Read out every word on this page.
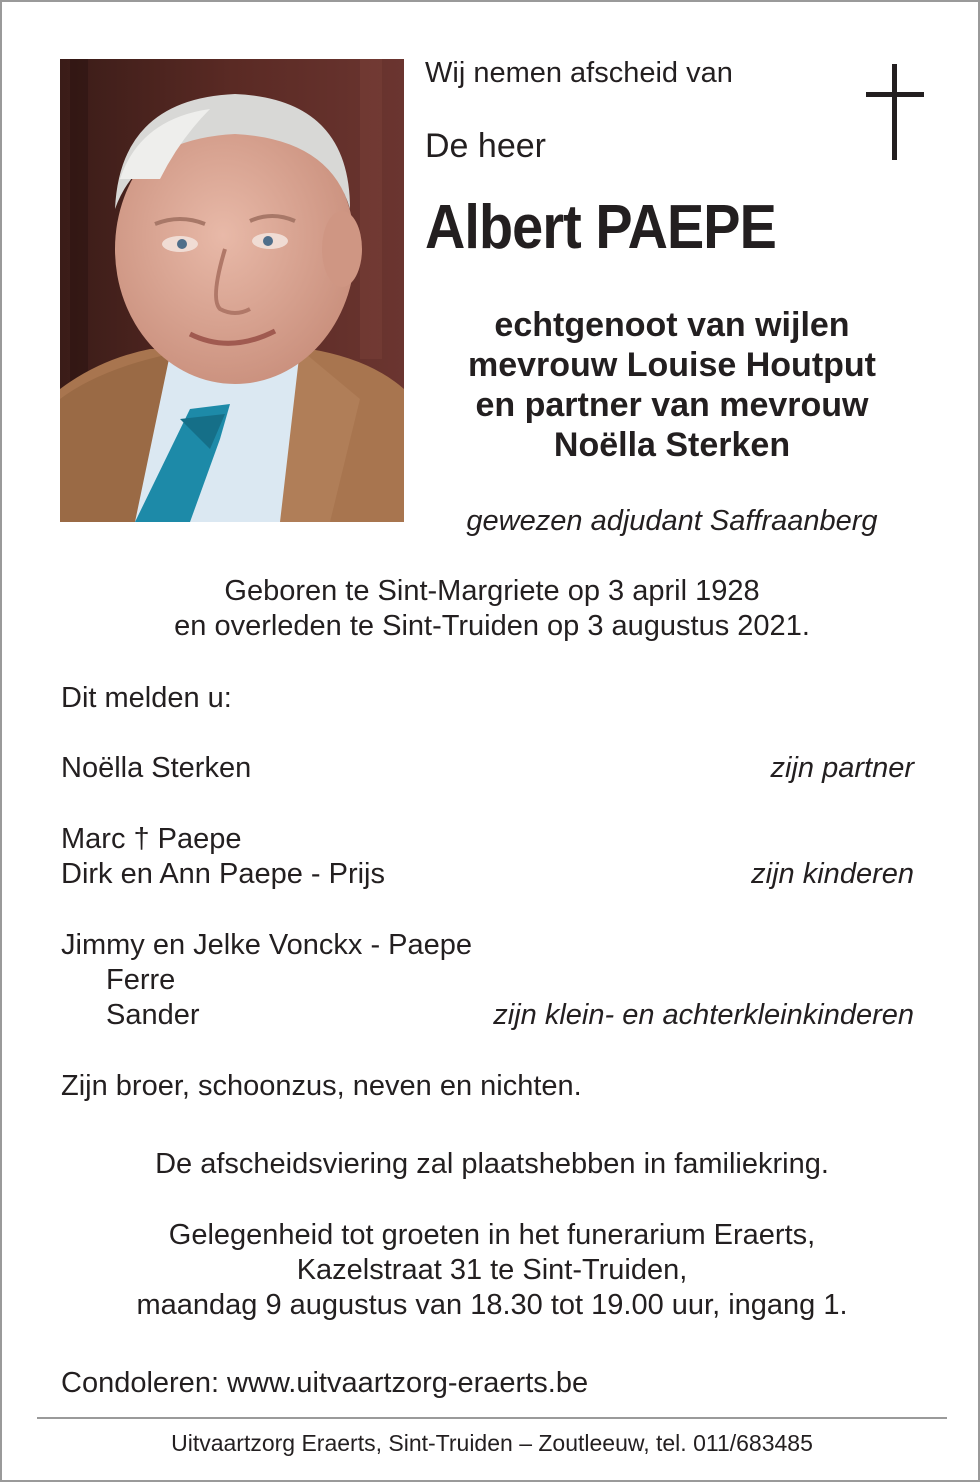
Wij nemen afscheid van
De heer
Albert PAEPE
echtgenoot van wijlen
mevrouw Louise Houtput
en partner van mevrouw
Noëlla Sterken
gewezen adjudant Saffraanberg
Geboren te Sint-Margriete op 3 april 1928
en overleden te Sint-Truiden op 3 augustus 2021.
Dit melden u:
Noëlla Sterken	zijn partner
Marc † Paepe
Dirk en Ann Paepe - Prijs	zijn kinderen
Jimmy en Jelke Vonckx - Paepe
Ferre
Sander	zijn klein- en achterkleinkinderen
Zijn broer, schoonzus, neven en nichten.
De afscheidsviering zal plaatshebben in familiekring.
Gelegenheid tot groeten in het funerarium Eraerts,
Kazelstraat 31 te Sint-Truiden,
maandag 9 augustus van 18.30 tot 19.00 uur, ingang 1.
Condoleren: www.uitvaartzorg-eraerts.be
Uitvaartzorg Eraerts, Sint-Truiden – Zoutleeuw, tel. 011/683485
